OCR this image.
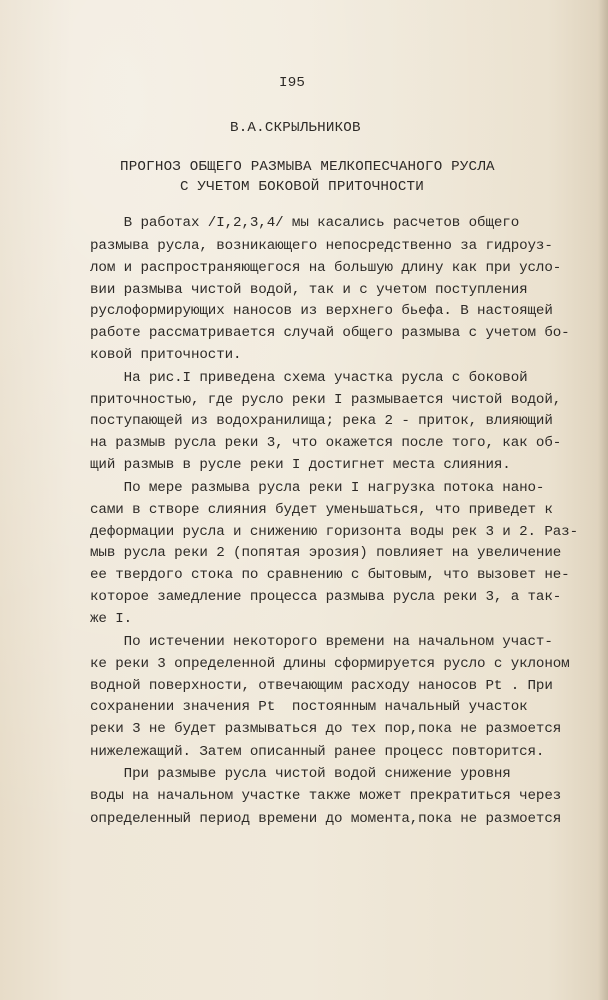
I95
В.А.СКРЫЛЬНИКОВ
ПРОГНОЗ ОБЩЕГО РАЗМЫВА МЕЛКОПЕСЧАНОГО РУСЛА
С УЧЕТОМ БОКОВОЙ ПРИТОЧНОСТИ
В работах /I,2,3,4/ мы касались расчетов общего
размыва русла, возникающего непосредственно за гидроуз-
лом и распространяющегося на большую длину как при усло-
вии размыва чистой водой, так и с учетом поступления
руслоформирующих наносов из верхнего бьефа. В настоящей
работе рассматривается случай общего размыва с учетом бо-
ковой приточности.
На рис.I приведена схема участка русла с боковой
приточностью, где русло реки I размывается чистой водой,
поступающей из водохранилища; река 2 - приток, влияющий
на размыв русла реки 3, что окажется после того, как об-
щий размыв в русле реки I достигнет места слияния.
По мере размыва русла реки I нагрузка потока нано-
сами в створе слияния будет уменьшаться, что приведет к
деформации русла и снижению горизонта воды рек 3 и 2. Раз-
мыв русла реки 2 (попятая эрозия) повлияет на увеличение
ее твердого стока по сравнению с бытовым, что вызовет не-
которое замедление процесса размыва русла реки 3, а так-
же I.
По истечении некоторого времени на начальном участ-
ке реки 3 определенной длины сформируется русло с уклоном
водной поверхности, отвечающим расходу наносов Pt . При
сохранении значения Pt  постоянным начальный участок
реки 3 не будет размываться до тех пор,пока не размоется
нижележащий. Затем описанный ранее процесс повторится.
При размыве русла чистой водой снижение уровня
воды на начальном участке также может прекратиться через
определенный период времени до момента,пока не размоется
